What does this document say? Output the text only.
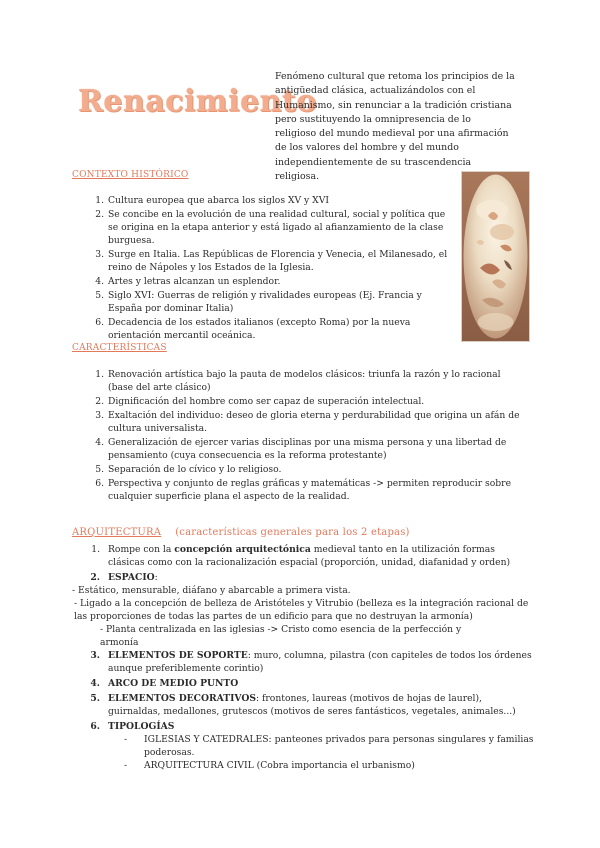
Renacimiento

Fenómeno cultural que retoma los principios de la antigüedad clásica, actualizándolos con el Humanismo, sin renunciar a la tradición cristiana pero sustituyendo la omnipresencia de lo religioso del mundo medieval por una afirmación de los valores del hombre y del mundo independientemente de su trascendencia religiosa.

CONTEXTO HISTÓRICO
1. Cultura europea que abarca los siglos XV y XVI
2. Se concibe en la evolución de una realidad cultural, social y política que se origina en la etapa anterior y está ligado al afianzamiento de la clase burguesa.
3. Surge en Italia. Las Repúblicas de Florencia y Venecia, el Milanesado, el reino de Nápoles y los Estados de la Iglesia.
4. Artes y letras alcanzan un esplendor.
5. Siglo XVI: Guerras de religión y rivalidades europeas (Ej. Francia y España por dominar Italia)
6. Decadencia de los estados italianos (excepto Roma) por la nueva orientación mercantil oceánica.
CARACTERÍSTICAS
1. Renovación artística bajo la pauta de modelos clásicos: triunfa la razón y lo racional (base del arte clásico)
2. Dignificación del hombre como ser capaz de superación intelectual.
3. Exaltación del individuo: deseo de gloria eterna y perdurabilidad que origina un afán de cultura universalista.
4. Generalización de ejercer varias disciplinas por una misma persona y una libertad de pensamiento (cuya consecuencia es la reforma protestante)
5. Separación de lo cívico y lo religioso.
6. Perspectiva y conjunto de reglas gráficas y matemáticas -> permiten reproducir sobre cualquier superficie plana el aspecto de la realidad.
ARQUITECTURA (características generales para los 2 etapas)
1. Rompe con la concepción arquitectónica medieval tanto en la utilización formas clásicas como con la racionalización espacial (proporción, unidad, diafanidad y orden)
2. ESPACIO:
- Estático, mensurable, diáfano y abarcable a primera vista.
- Ligado a la concepción de belleza de Aristóteles y Vitrubio (belleza es la integración racional de las proporciones de todas las partes de un edificio para que no destruyan la armonía)
- Planta centralizada en las iglesias -> Cristo como esencia de la perfección yarmonía
3. ELEMENTOS DE SOPORTE: muro, columna, pilastra (con capiteles de todos los órdenes aunque preferiblemente corintio)
4. ARCO DE MEDIO PUNTO
5. ELEMENTOS DECORATIVOS: frontones, laureas (motivos de hojas de laurel), guirnaldas, medallones, grutescos (motivos de seres fantásticos, vegetales, animales...)
6. TIPOLOGÍAS
- IGLESIAS Y CATEDRALES: panteones privados para personas singulares y familias poderosas.
- ARQUITECTURA CIVIL (Cobra importancia el urbanismo)
